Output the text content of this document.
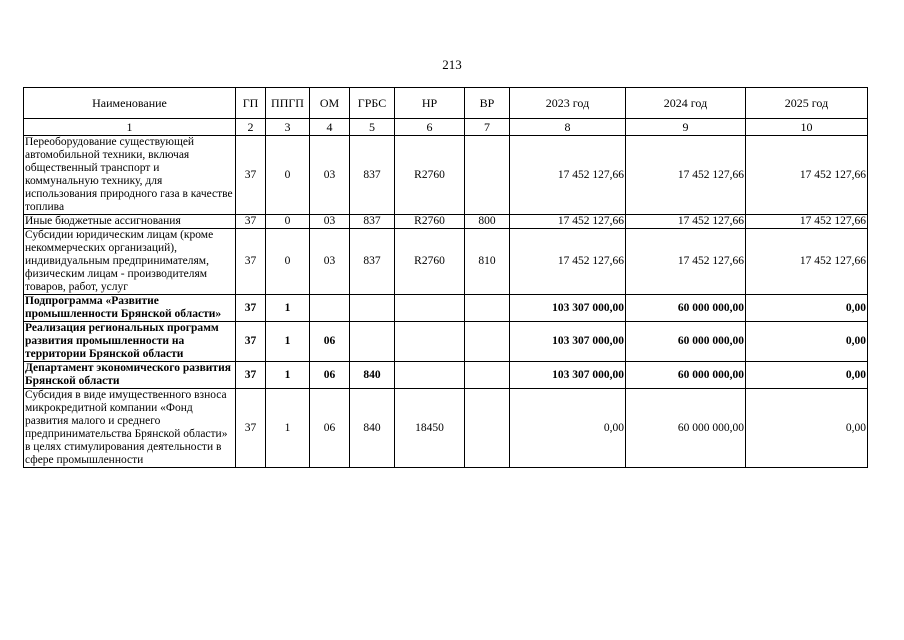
213
Наименование	ГП	ППГП	ОМ	ГРБС	НР	ВР	2023 год	2024 год	2025 год
1	2	3	4	5	6	7	8	9	10
Переоборудование существующей автомобильной техники, включая общественный транспорт и коммунальную технику, для использования природного газа в качестве топлива	37	0	03	837	R2760		17 452 127,66	17 452 127,66	17 452 127,66
Иные бюджетные ассигнования	37	0	03	837	R2760	800	17 452 127,66	17 452 127,66	17 452 127,66
Субсидии юридическим лицам (кроме некоммерческих организаций), индивидуальным предпринимателям, физическим лицам - производителям товаров, работ, услуг	37	0	03	837	R2760	810	17 452 127,66	17 452 127,66	17 452 127,66
Подпрограмма «Развитие промышленности Брянской области»	37	1					103 307 000,00	60 000 000,00	0,00
Реализация региональных программ развития промышленности на территории Брянской области	37	1	06				103 307 000,00	60 000 000,00	0,00
Департамент экономического развития Брянской области	37	1	06	840			103 307 000,00	60 000 000,00	0,00
Субсидия в виде имущественного взноса микрокредитной компании «Фонд развития малого и среднего предпринимательства Брянской области» в целях стимулирования деятельности в сфере промышленности	37	1	06	840	18450		0,00	60 000 000,00	0,00
